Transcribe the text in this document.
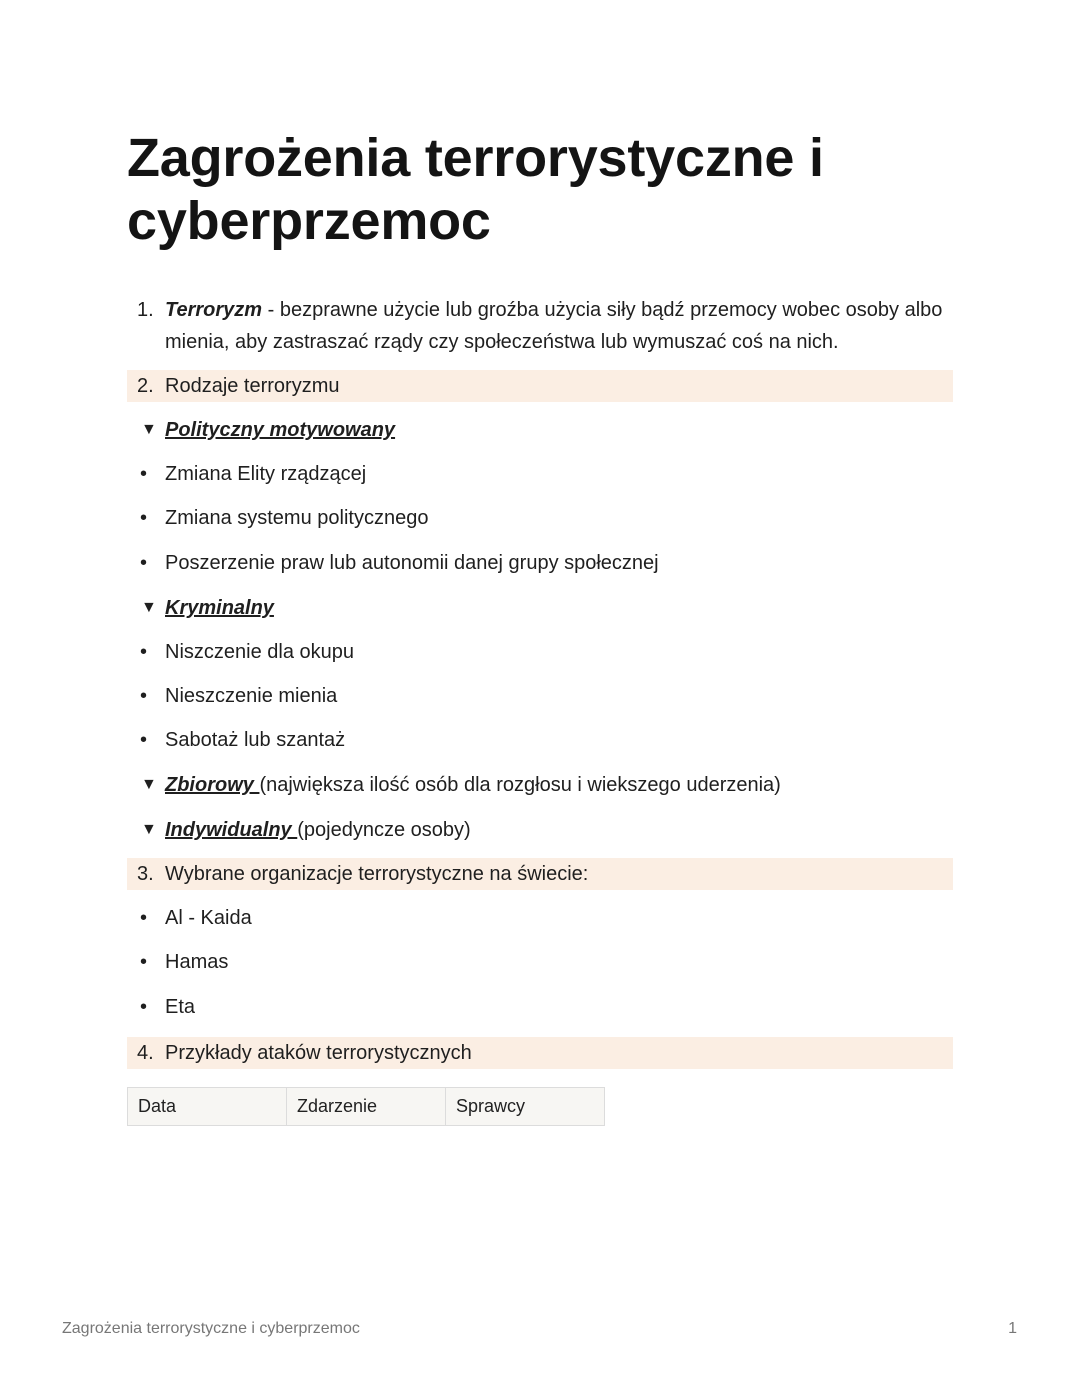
Zagrożenia terrorystyczne i cyberprzemoc
1. Terroryzm - bezprawne użycie lub groźba użycia siły bądź przemocy wobec osoby albo mienia, aby zastraszać rządy czy społeczeństwa lub wymuszać coś na nich.
2. Rodzaje terroryzmu
▼ Polityczny motywowany
• Zmiana Elity rządzącej
• Zmiana systemu politycznego
• Poszerzenie praw lub autonomii danej grupy społecznej
▼ Kryminalny
• Niszczenie dla okupu
• Nieszczenie mienia
• Sabotaż lub szantaż
▼ Zbiorowy (największa ilość osób dla rozgłosu i wiekszego uderzenia)
▼ Indywidualny (pojedyncze osoby)
3. Wybrane organizacje terrorystyczne na świecie:
• Al - Kaida
• Hamas
• Eta
4. Przykłady ataków terrorystycznych
Data	Zdarzenie	Sprawcy
Zagrożenia terrorystyczne i cyberprzemoc	1
